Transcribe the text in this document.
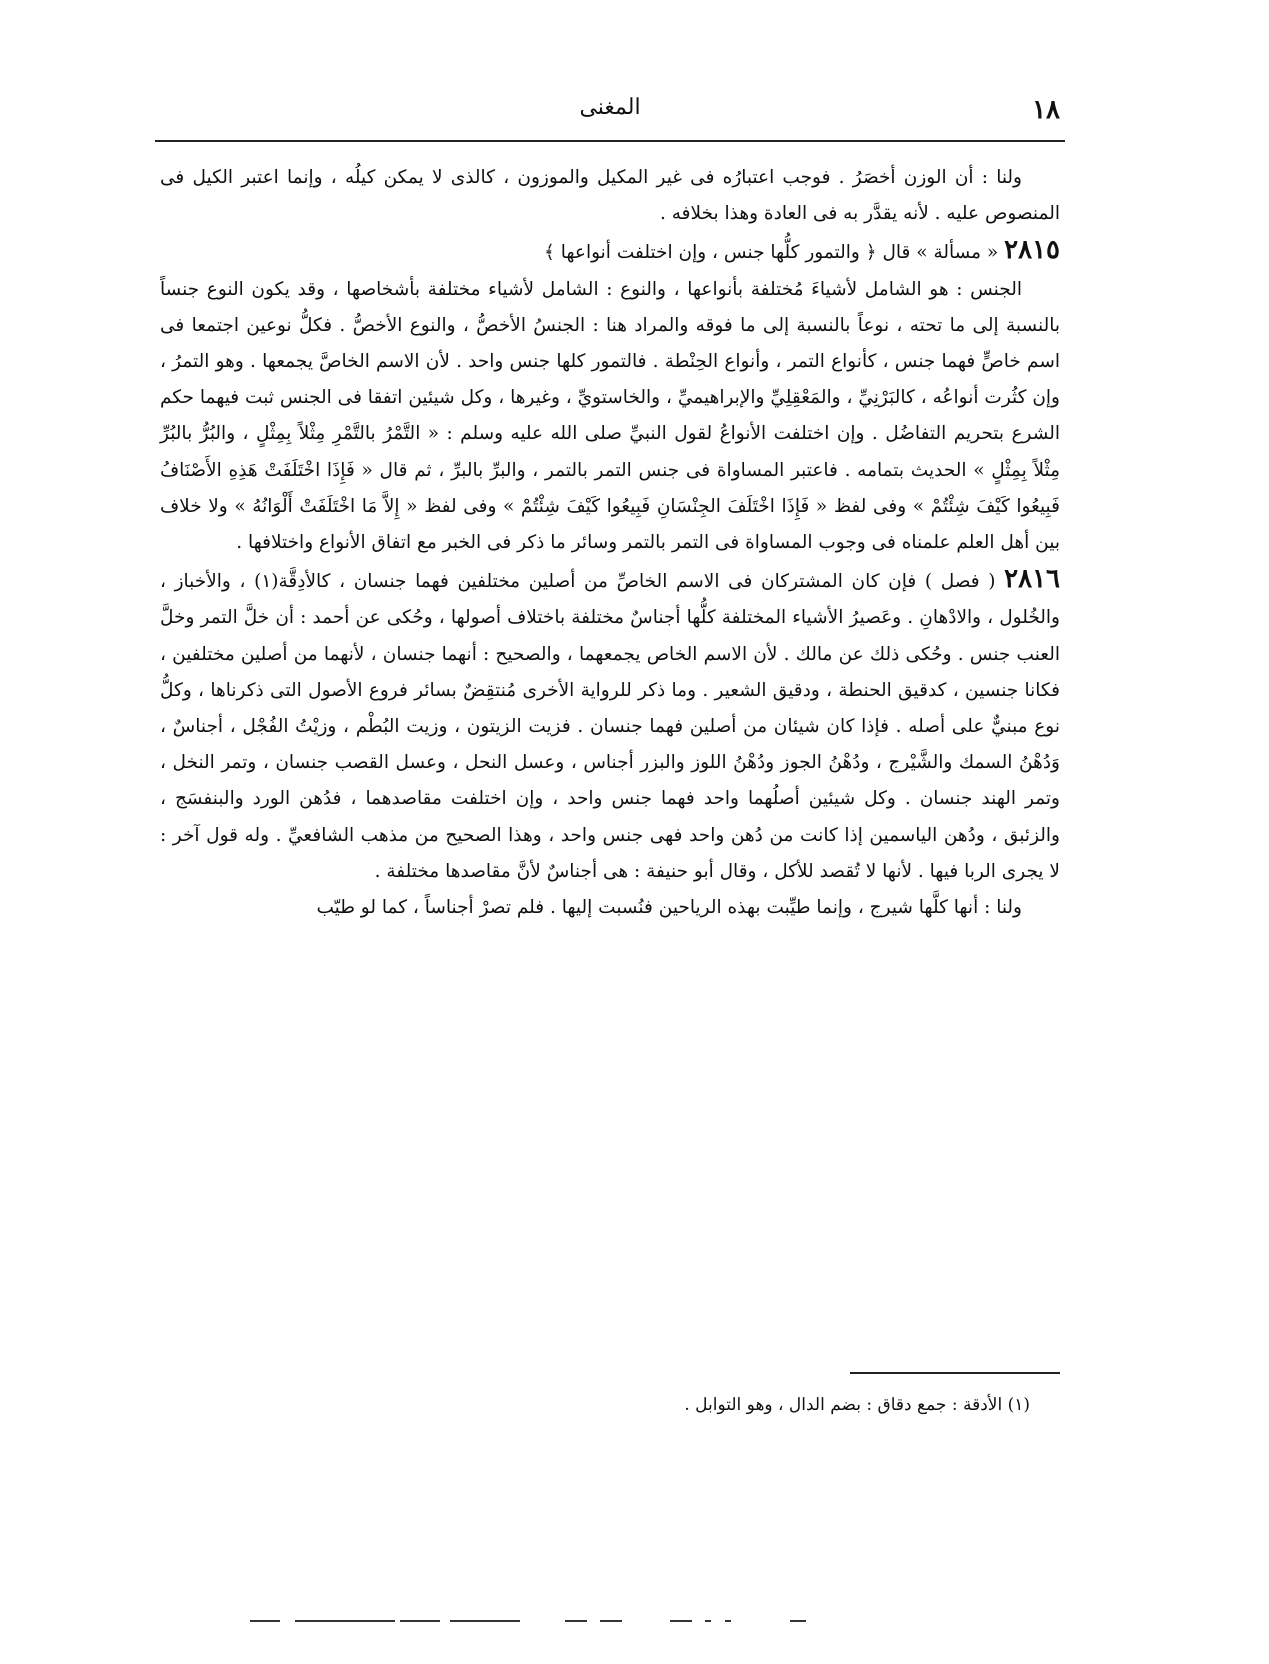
١٨
المغنى

ولنا : أن الوزن أخصَرُ . فوجب اعتبارُه فى غير المكيل والموزون ، كالذى لا يمكن كيلُه ، وإنما اعتبر الكيل فى المنصوص عليه . لأنه يقدَّر به فى العادة وهذا بخلافه .

٢٨١٥ « مسألة » قال ﴿ والتمور كلُّها جنس ، وإن اختلفت أنواعها ﴾

الجنس : هو الشامل لأشياءَ مُختلفة بأنواعها ، والنوع : الشامل لأشياء مختلفة بأشخاصها ، وقد يكون النوع جنساً بالنسبة إلى ما تحته ، نوعاً بالنسبة إلى ما فوقه والمراد هنا : الجنسُ الأخصُّ ، والنوع الأخصُّ . فكلُّ نوعين اجتمعا فى اسم خاصٍّ فهما جنس ، كأنواع التمر ، وأنواع الحِنْطة . فالتمور كلها جنس واحد . لأن الاسم الخاصَّ يجمعها . وهو التمرُ ، وإن كثُرت أنواعُه ، كالبَرْنِيِّ ، والمَعْقِلِيِّ والإبراهيميِّ ، والخاستويِّ ، وغيرها ، وكل شيئين اتفقا فى الجنس ثبت فيهما حكم الشرع بتحريم التفاضُل . وإن اختلفت الأنواعُ لقول النبيِّ صلى الله عليه وسلم : « التَّمْرُ بالتَّمْرِ مِثْلاً بِمِثْلٍ ، والبُرُّ بالبُرِّ مِثْلاً بِمِثْلٍ » الحديث بتمامه . فاعتبر المساواة فى جنس التمر بالتمر ، والبرِّ بالبرِّ ، ثم قال « فَإِذَا اخْتَلَفَتْ هَذِهِ الأَصْنَافُ فَبِيعُوا كَيْفَ شِئْتُمْ » وفى لفظ « فَإِذَا اخْتَلَفَ الجِنْسَانِ فَبِيعُوا كَيْفَ شِئْتُمْ » وفى لفظ « إِلاَّ مَا اخْتَلَفَتْ أَلْوَانُهُ » ولا خلاف بين أهل العلم علمناه فى وجوب المساواة فى التمر بالتمر وسائر ما ذكر فى الخبر مع اتفاق الأنواع واختلافها .

٢٨١٦ ( فصل ) فإن كان المشتركان فى الاسم الخاصِّ من أصلين مختلفين فهما جنسان ، كالأدِقَّة(١) ، والأخباز ، والخُلول ، والادْهانِ . وعَصيرُ الأشياء المختلفة كلُّها أجناسٌ مختلفة باختلاف أصولها ، وحُكى عن أحمد : أن خلَّ التمر وخلَّ العنب جنس . وحُكى ذلك عن مالك . لأن الاسم الخاص يجمعهما ، والصحيح : أنهما جنسان ، لأنهما من أصلين مختلفين ، فكانا جنسين ، كدقيق الحنطة ، ودقيق الشعير . وما ذكر للرواية الأخرى مُنتقِضٌ بسائر فروع الأصول التى ذكرناها ، وكلُّ نوع مبنيٌّ على أصله . فإذا كان شيئان من أصلين فهما جنسان . فزيت الزيتون ، وزيت البُطْم ، وزيْتُ الفُجْل ، أجناسٌ ، وَدُهْنُ السمك والشَّيْرج ، ودُهْنُ الجوز ودُهْنُ اللوز والبزر أجناس ، وعسل النحل ، وعسل القصب جنسان ، وتمر النخل ، وتمر الهند جنسان . وكل شيئين أصلُهما واحد فهما جنس واحد ، وإن اختلفت مقاصدهما ، فدُهن الورد والبنفسَج ، والزئبق ، ودُهن الياسمين إذا كانت من دُهن واحد فهى جنس واحد ، وهذا الصحيح من مذهب الشافعيِّ . وله قول آخر : لا يجرى الربا فيها . لأنها لا تُقصد للأكل ، وقال أبو حنيفة : هى أجناسٌ لأنَّ مقاصدها مختلفة .

ولنا : أنها كلَّها شيرج ، وإنما طيِّبت بهذه الرياحين فنُسبت إليها . فلم تصرْ أجناساً ، كما لو طيّب

(١) الأدقة : جمع دقاق : بضم الدال ، وهو التوابل .
